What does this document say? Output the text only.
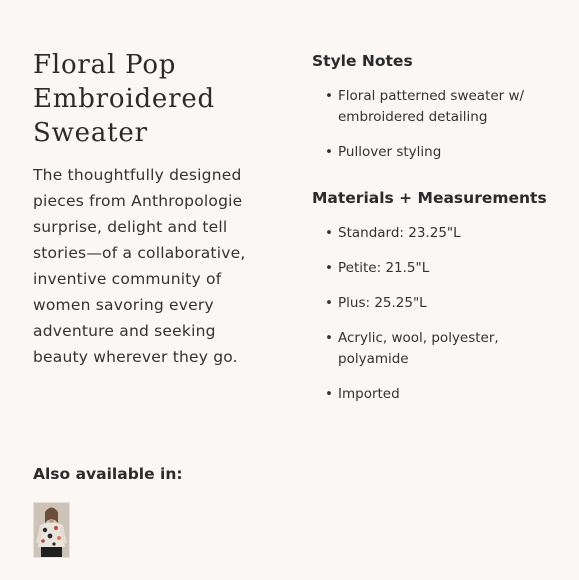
Floral Pop
Embroidered
Sweater
The thoughtfully designed pieces from Anthropologie surprise, delight and tell stories—of a collaborative, inventive community of women savoring every adventure and seeking beauty wherever they go.
Style Notes
• Floral patterned sweater w/ embroidered detailing
• Pullover styling
Materials + Measurements
• Standard: 23.25"L
• Petite: 21.5"L
• Plus: 25.25"L
• Acrylic, wool, polyester, polyamide
• Imported
Also available in:
